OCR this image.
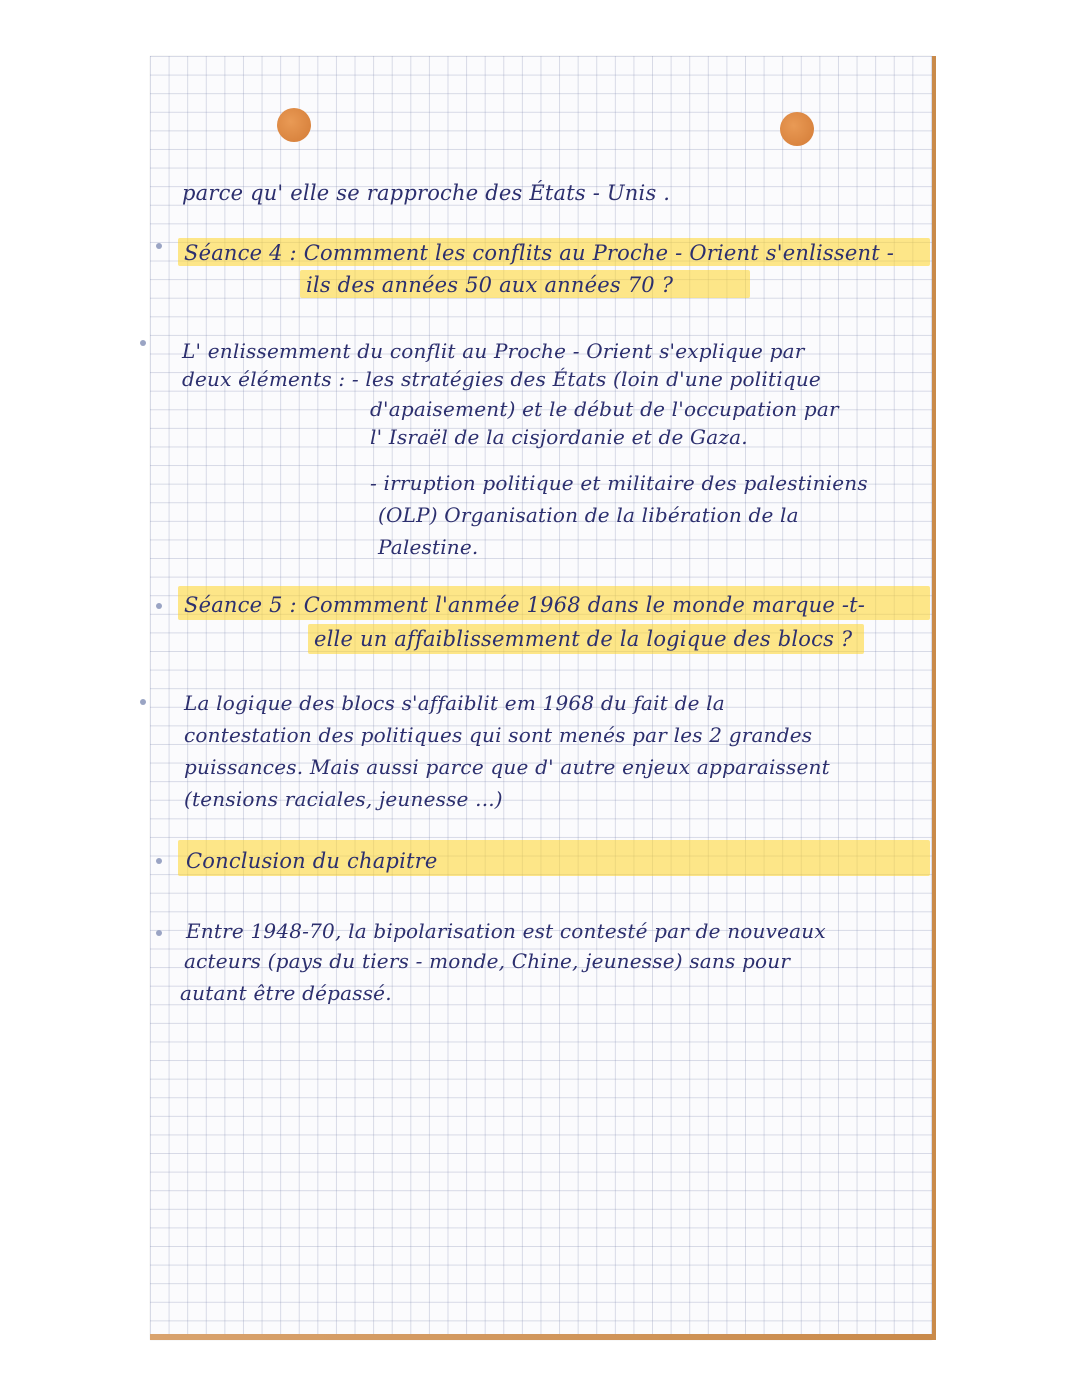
parce qu' elle se rapproche des États - Unis .
Séance 4 : Commment les conflits au Proche - Orient s'enlissent -
ils des années 50 aux années 70 ?
L' enlissemment du conflit au Proche - Orient s'explique par
deux éléments : - les stratégies des États (loin d'une politique
d'apaisement) et le début de l'occupation par
l' Israël de la cisjordanie et de Gaza.
- irruption politique et militaire des palestiniens
(OLP) Organisation de la libération de la
Palestine.
Séance 5 : Commment l'anmée 1968 dans le monde marque -t-
elle un affaiblissemment de la logique des blocs ?
La logique des blocs s'affaiblit em 1968 du fait de la
contestation des politiques qui sont menés par les 2 grandes
puissances. Mais aussi parce que d' autre enjeux apparaissent
(tensions raciales, jeunesse ...)
Conclusion du chapitre
Entre 1948-70, la bipolarisation est contesté par de nouveaux
acteurs (pays du tiers - monde, Chine, jeunesse) sans pour
autant être dépassé.
